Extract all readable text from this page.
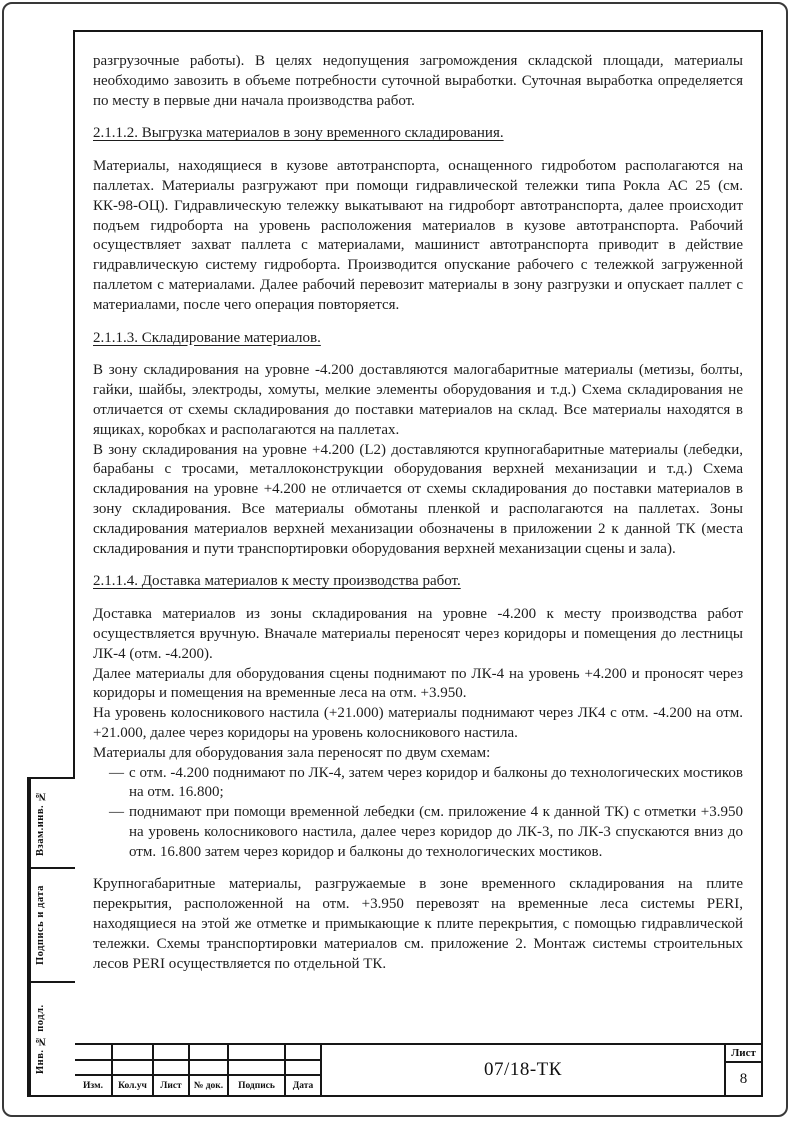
разгрузочные работы). В целях недопущения загромождения складской площади, материалы необходимо завозить в объеме потребности суточной выработки. Суточная выработка определяется по месту в первые дни начала производства работ.

2.1.1.2. Выгрузка материалов в зону временного складирования.

Материалы, находящиеся в кузове автотранспорта, оснащенного гидроботом располагаются на паллетах. Материалы разгружают при помощи гидравлической тележки типа Рокла АС 25 (см. КК-98-ОЦ). Гидравлическую тележку выкатывают на гидроборт автотранспорта, далее происходит подъем гидроборта на уровень расположения материалов в кузове автотранспорта. Рабочий осуществляет захват паллета с материалами, машинист автотранспорта приводит в действие гидравлическую систему гидроборта. Производится опускание рабочего с тележкой загруженной паллетом с материалами. Далее рабочий перевозит материалы в зону разгрузки и опускает паллет с материалами, после чего операция повторяется.

2.1.1.3. Складирование материалов.

В зону складирования на уровне -4.200 доставляются малогабаритные материалы (метизы, болты, гайки, шайбы, электроды, хомуты, мелкие элементы оборудования и т.д.) Схема складирования не отличается от схемы складирования до поставки материалов на склад. Все материалы находятся в ящиках, коробках и располагаются на паллетах.

В зону складирования на уровне +4.200 (L2) доставляются крупногабаритные материалы (лебедки, барабаны с тросами, металлоконструкции оборудования верхней механизации и т.д.) Схема складирования на уровне +4.200 не отличается от схемы складирования до поставки материалов в зону складирования. Все материалы обмотаны пленкой и располагаются на паллетах. Зоны складирования материалов верхней механизации обозначены в приложении 2 к данной ТК (места складирования и пути транспортировки оборудования верхней механизации сцены и зала).

2.1.1.4. Доставка материалов к месту производства работ.

Доставка материалов из зоны складирования на уровне -4.200 к месту производства работ осуществляется вручную. Вначале материалы переносят через коридоры и помещения до лестницы ЛК-4 (отм. -4.200).

Далее материалы для оборудования сцены поднимают по ЛК-4 на уровень +4.200 и проносят через коридоры и помещения на временные леса на отм. +3.950.

На уровень колосникового настила (+21.000) материалы поднимают через ЛК4 с отм. -4.200 на отм. +21.000, далее через коридоры на уровень колосникового настила.

Материалы для оборудования зала переносят по двум схемам:

— с отм. -4.200 поднимают по ЛК-4, затем через коридор и балконы до технологических мостиков на отм. 16.800;
— поднимают при помощи временной лебедки (см. приложение 4 к данной ТК) с отметки +3.950 на уровень колосникового настила, далее через коридор до ЛК-3, по ЛК-3 спускаются вниз до отм. 16.800 затем через коридор и балконы до технологических мостиков.

Крупногабаритные материалы, разгружаемые в зоне временного складирования на плите перекрытия, расположенной на отм. +3.950 перевозят на временные леса системы PERI, находящиеся на этой же отметке и примыкающие к плите перекрытия, с помощью гидравлической тележки. Схемы транспортировки материалов см. приложение 2. Монтаж системы строительных лесов PERI осуществляется по отдельной ТК.

Взам.инв. №
Подпись и дата
Инв. № подл.
Изм.	Кол.уч	Лист	№ док.	Подпись	Дата
07/18-ТК
Лист
8
